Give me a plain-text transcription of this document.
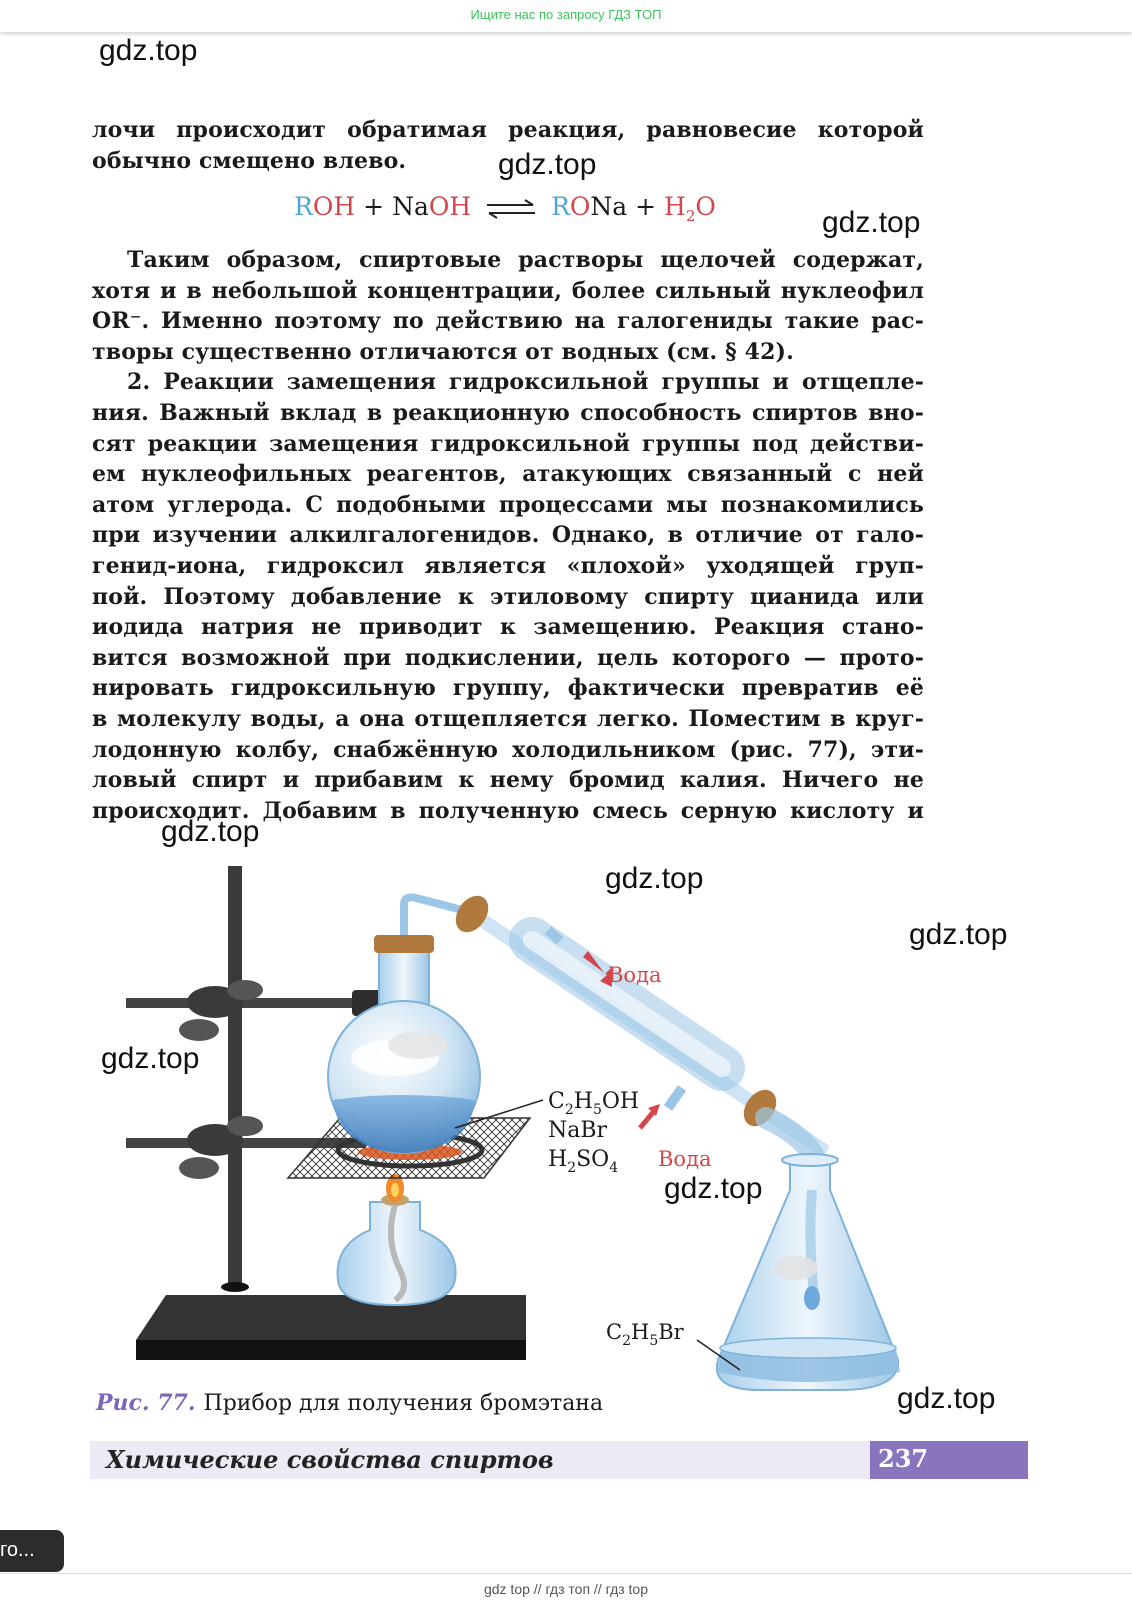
Ищите нас по запросу ГДЗ ТОП
gdz.top
gdz.top
gdz.top
лочи происходит обратимая реакция, равновесие которой
обычно смещено влево.
ROH + NaOH ⇌ RONa + $H_2O$
Таким образом, спиртовые растворы щелочей содержат,
хотя и в небольшой концентрации, более сильный нуклеофил
OR⁻. Именно поэтому по действию на галогениды такие рас-
творы существенно отличаются от водных (см. § 42).
2. Реакции замещения гидроксильной группы и отщепле-
ния. Важный вклад в реакционную способность спиртов вно-
сят реакции замещения гидроксильной группы под действи-
ем нуклеофильных реагентов, атакующих связанный с ней
атом углерода. С подобными процессами мы познакомились
при изучении алкилгалогенидов. Однако, в отличие от гало-
генид-иона, гидроксил является «плохой» уходящей груп-
пой. Поэтому добавление к этиловому спирту цианида или
иодида натрия не приводит к замещению. Реакция стано-
вится возможной при подкислении, цель которого — прото-
нировать гидроксильную группу, фактически превратив её
в молекулу воды, а она отщепляется легко. Поместим в круг-
лодонную колбу, снабжённую холодильником (рис. 77), эти-
ловый спирт и прибавим к нему бромид калия. Ничего не
происходит. Добавим в полученную смесь серную кислоту и
Вода
Вода
$C_2H_5OH$
NaBr
$H_2SO_4$
$C_2H_5Br$
gdz.top
gdz.top
gdz.top
gdz.top
gdz.top
gdz.top
Рис. 77. Прибор для получения бромэтана
Химические свойства спиртов	237
го...
gdz top // гдз топ // гдз top
